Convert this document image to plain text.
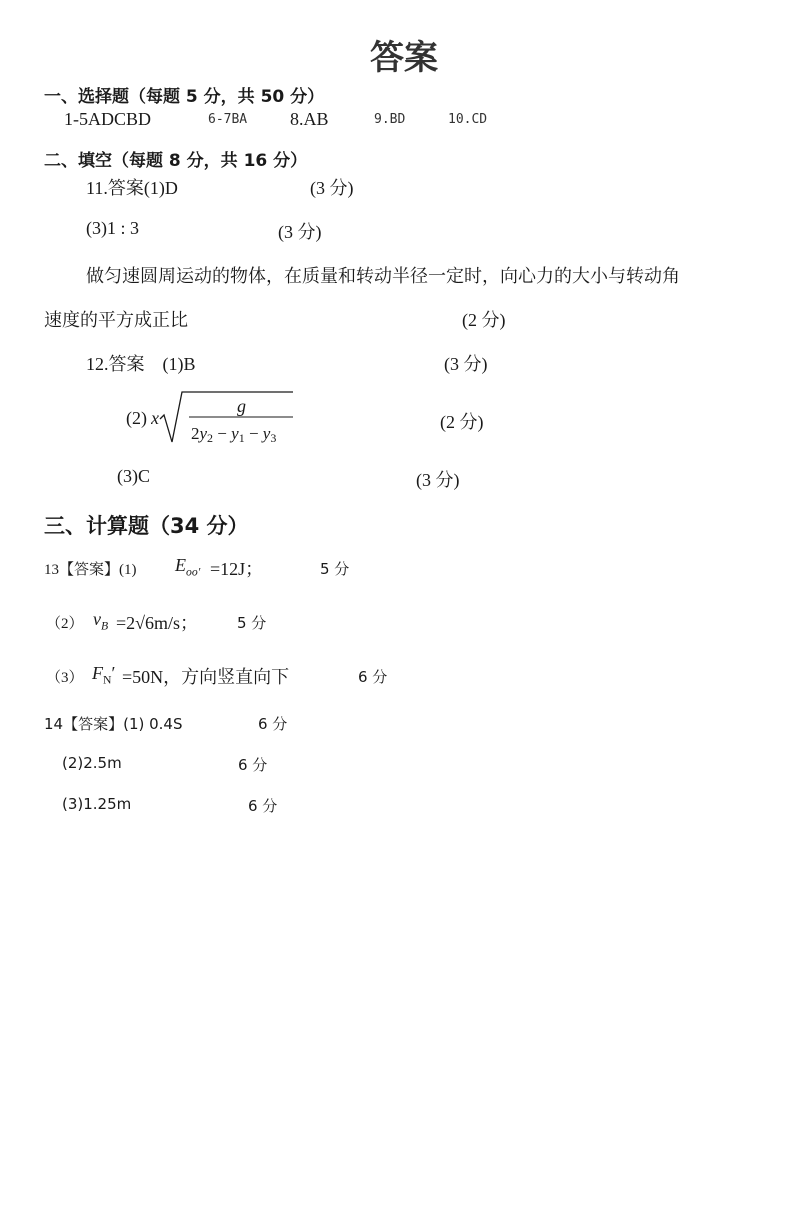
答案
一、选择题（每题 5 分，共 50 分）
1-5ADCBD	6-7BA 8.AB	9.BD	10.CD
二、填空（每题 8 分，共 16 分）
11.答案(1)D	(3 分)
(3)1 : 3	(3 分)
做匀速圆周运动的物体，在质量和转动半径一定时，向心力的大小与转动角
速度的平方成正比	(2 分)
12.答案　(1)B	(3 分)
(2) x
g
2y2 − y1 − y3
(2 分)
(3)C	(3 分)
三、计算题（34 分）
13【答案】(1) $E_{oo'} =12J$；	5 分
（2） $v_B =2√6m/s$；	5 分
（3） $F_N' =50N$，方向竖直向下	6 分
14【答案】(1) 0.4S	6 分
(2)2.5m	6 分
(3)1.25m	6 分
